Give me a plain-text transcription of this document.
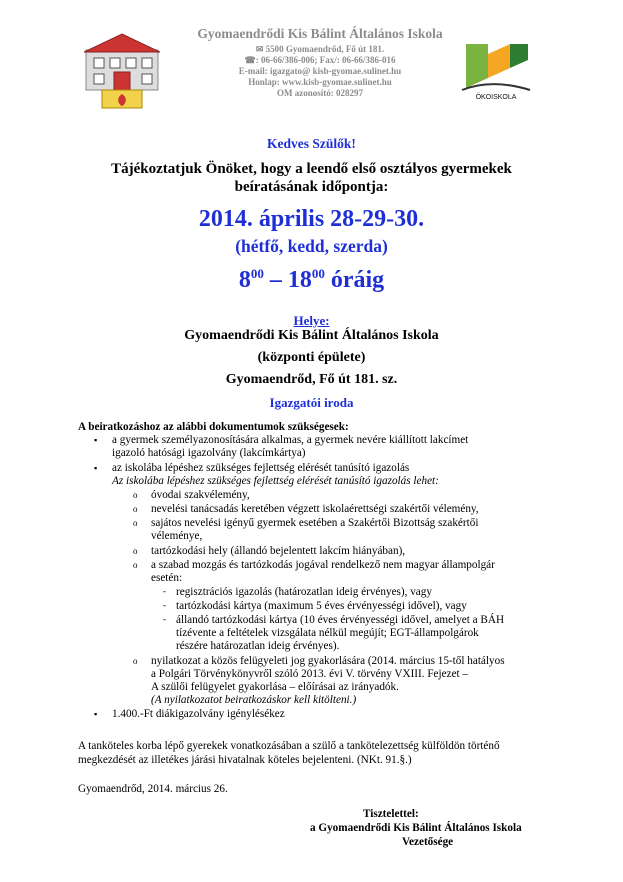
Gyomaendrődi Kis Bálint Általános Iskola
✉ 5500 Gyomaendrőd, Fő út 181.
☎: 06-66/386-006; Fax/: 06-66/386-016
E-mail: igazgato@ kisb-gyomae.sulinet.hu
Honlap: www.kisb-gyomae.sulinet.hu
OM azonosító: 028297	ÖKOISKOLA
Kedves Szülők!
Tájékoztatjuk Önöket, hogy a leendő első osztályos gyermekek
beíratásának időpontja:
2014. április 28-29-30.
(hétfő, kedd, szerda)
$8^{00} - 18^{00}$ óráig
Helye:
Gyomaendrődi Kis Bálint Általános Iskola
(központi épülete)
Gyomaendrőd, Fő út 181. sz.
Igazgatói iroda
A beiratkozáshoz az alábbi dokumentumok szükségesek:
▪ a gyermek személyazonosítására alkalmas, a gyermek nevére kiállított lakcímet
igazoló hatósági igazolvány (lakcímkártya)
▪ az iskolába lépéshez szükséges fejlettség elérését tanúsító igazolás
Az iskolába lépéshez szükséges fejlettség elérését tanúsító igazolás lehet:
o óvodai szakvélemény,
o nevelési tanácsadás keretében végzett iskolaérettségi szakértői vélemény,
o sajátos nevelési igényű gyermek esetében a Szakértői Bizottság szakértői
véleménye,
o tartózkodási hely (állandó bejelentett lakcím hiányában),
o a szabad mozgás és tartózkodás jogával rendelkező nem magyar állampolgár
esetén:
- regisztrációs igazolás (határozatlan ideig érvényes), vagy
- tartózkodási kártya (maximum 5 éves érvényességi idővel), vagy
- állandó tartózkodási kártya (10 éves érvényességi idővel, amelyet a BÁH
tízévente a feltételek vizsgálata nélkül megújít; EGT-állampolgárok
részére határozatlan ideig érvényes).
o nyilatkozat a közös felügyeleti jog gyakorlására (2014. március 15-től hatályos
a Polgári Törvénykönyvről szóló 2013. évi V. törvény VXIII. Fejezet –
A szülői felügyelet gyakorlása – előírásai az irányadók.
(A nyilatkozatot beiratkozáskor kell kitölteni.)
▪ 1.400.-Ft diákigazolvány igénylésékez
A tanköteles korba lépő gyerekek vonatkozásában a szülő a tankötelezettség külföldön történő
megkezdését az illetékes járási hivatalnak köteles bejelenteni. (NKt. 91.§.)
Gyomaendrőd, 2014. március 26.
Tisztelettel:
a Gyomaendrődi Kis Bálint Általános Iskola
Vezetősége
